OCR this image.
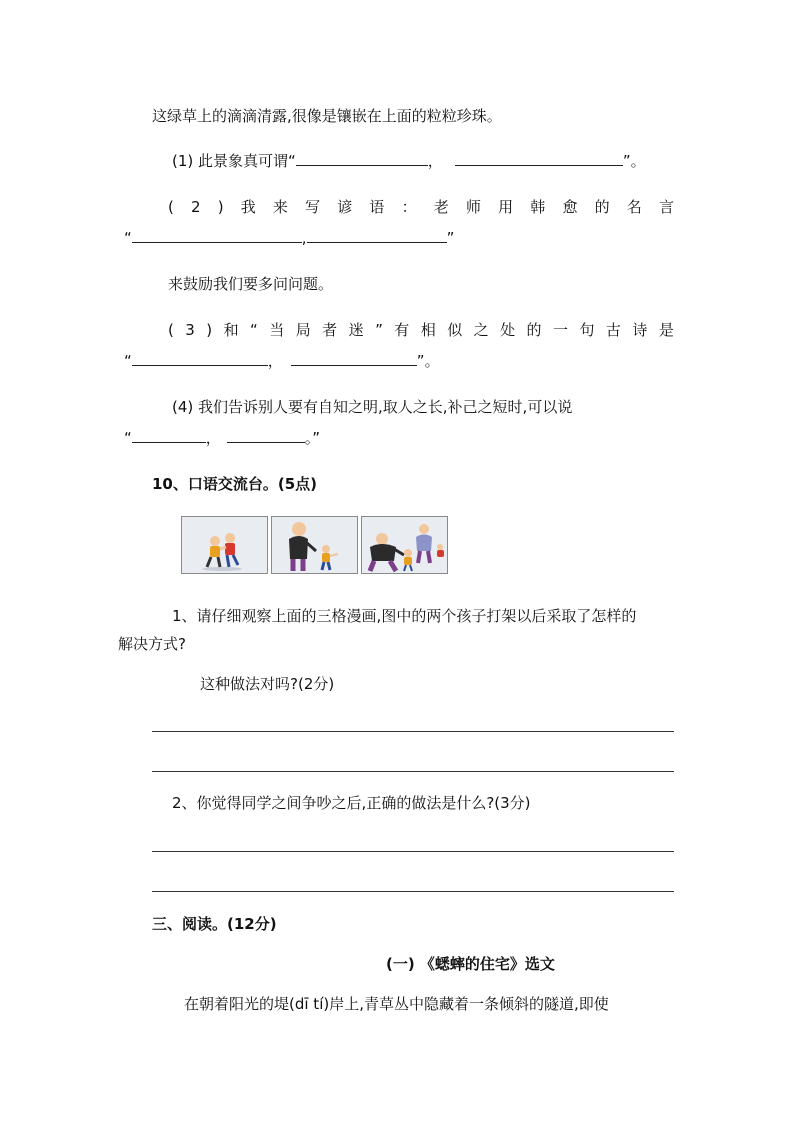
这绿草上的滴滴清露,很像是镶嵌在上面的粒粒珍珠。
(1) 此景象真可谓“	，	”。
( 2 ) 我 来 写 谚 语 ： 老 师 用 韩 愈 的 名 言
“	,	”
来鼓励我们要多问问题。
( 3 ) 和 “ 当 局 者 迷 ” 有 相 似 之 处 的 一 句 古 诗 是
“	，	”。
(4) 我们告诉别人要有自知之明,取人之长,补己之短时,可以说
“	，	。”
10、口语交流台。(5点)
1、请仔细观察上面的三格漫画,图中的两个孩子打架以后采取了怎样的
解决方式?
这种做法对吗?(2分)
2、你觉得同学之间争吵之后,正确的做法是什么?(3分)
三、阅读。(12分)
(一) 《蟋蟀的住宅》选文
在朝着阳光的堤(dī tí)岸上,青草丛中隐藏着一条倾斜的隧道,即使
